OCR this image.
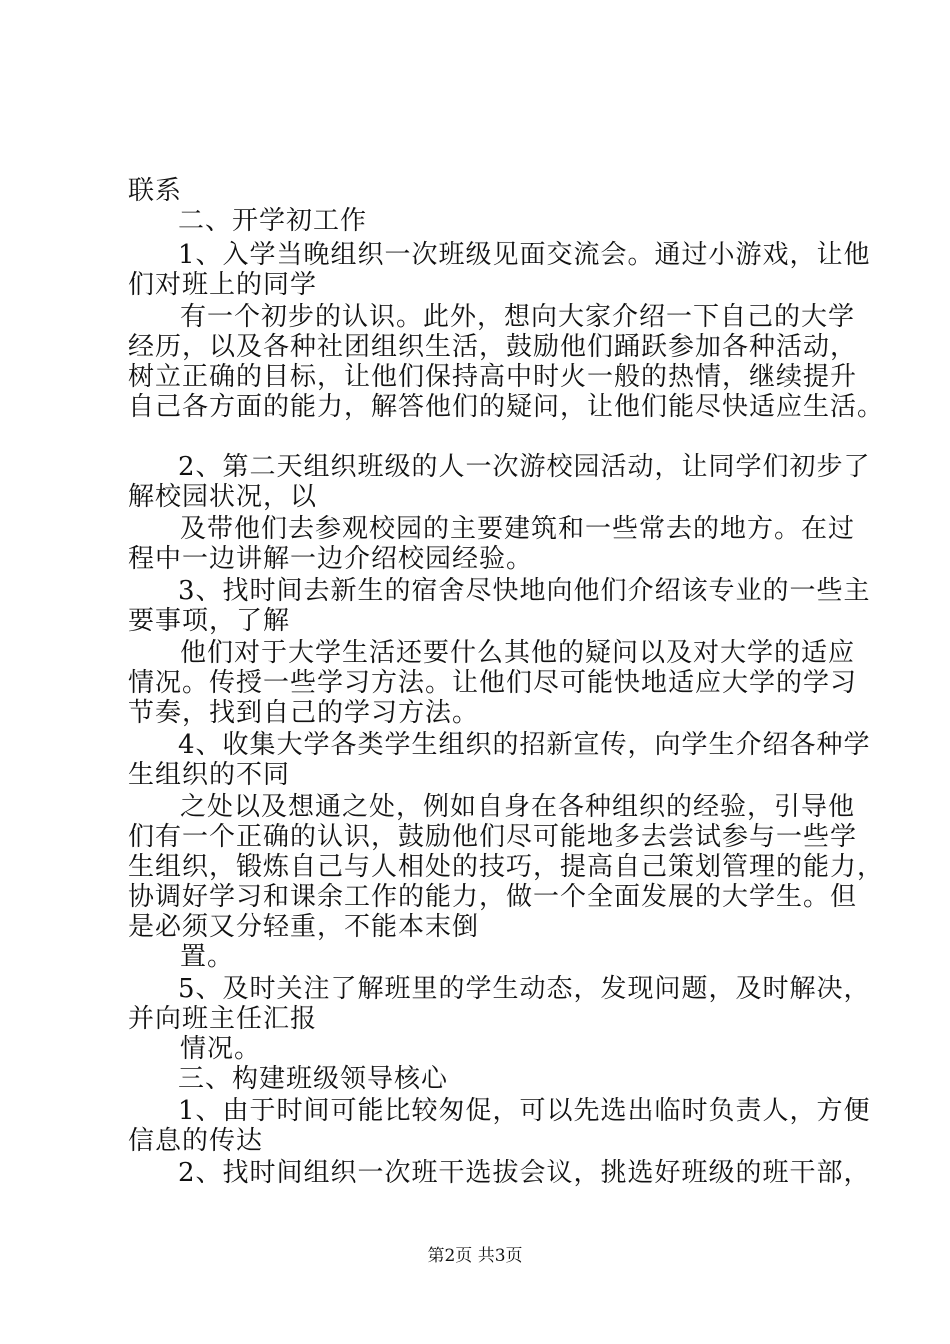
联系
二、开学初工作
1、入学当晚组织一次班级见面交流会。通过小游戏，让他
们对班上的同学
有一个初步的认识。此外，想向大家介绍一下自己的大学
经历，以及各种社团组织生活，鼓励他们踊跃参加各种活动，
树立正确的目标，让他们保持高中时火一般的热情，继续提升
自己各方面的能力，解答他们的疑问，让他们能尽快适应生活。
2、第二天组织班级的人一次游校园活动，让同学们初步了
解校园状况，以
及带他们去参观校园的主要建筑和一些常去的地方。在过
程中一边讲解一边介绍校园经验。
3、找时间去新生的宿舍尽快地向他们介绍该专业的一些主
要事项，了解
他们对于大学生活还要什么其他的疑问以及对大学的适应
情况。传授一些学习方法。让他们尽可能快地适应大学的学习
节奏，找到自己的学习方法。
4、收集大学各类学生组织的招新宣传，向学生介绍各种学
生组织的不同
之处以及想通之处，例如自身在各种组织的经验，引导他
们有一个正确的认识，鼓励他们尽可能地多去尝试参与一些学
生组织，锻炼自己与人相处的技巧，提高自己策划管理的能力，
协调好学习和课余工作的能力，做一个全面发展的大学生。但
是必须又分轻重，不能本末倒
置。
5、及时关注了解班里的学生动态，发现问题，及时解决，
并向班主任汇报
情况。
三、构建班级领导核心
1、由于时间可能比较匆促，可以先选出临时负责人，方便
信息的传达
2、找时间组织一次班干选拔会议，挑选好班级的班干部，
第2页 共3页
